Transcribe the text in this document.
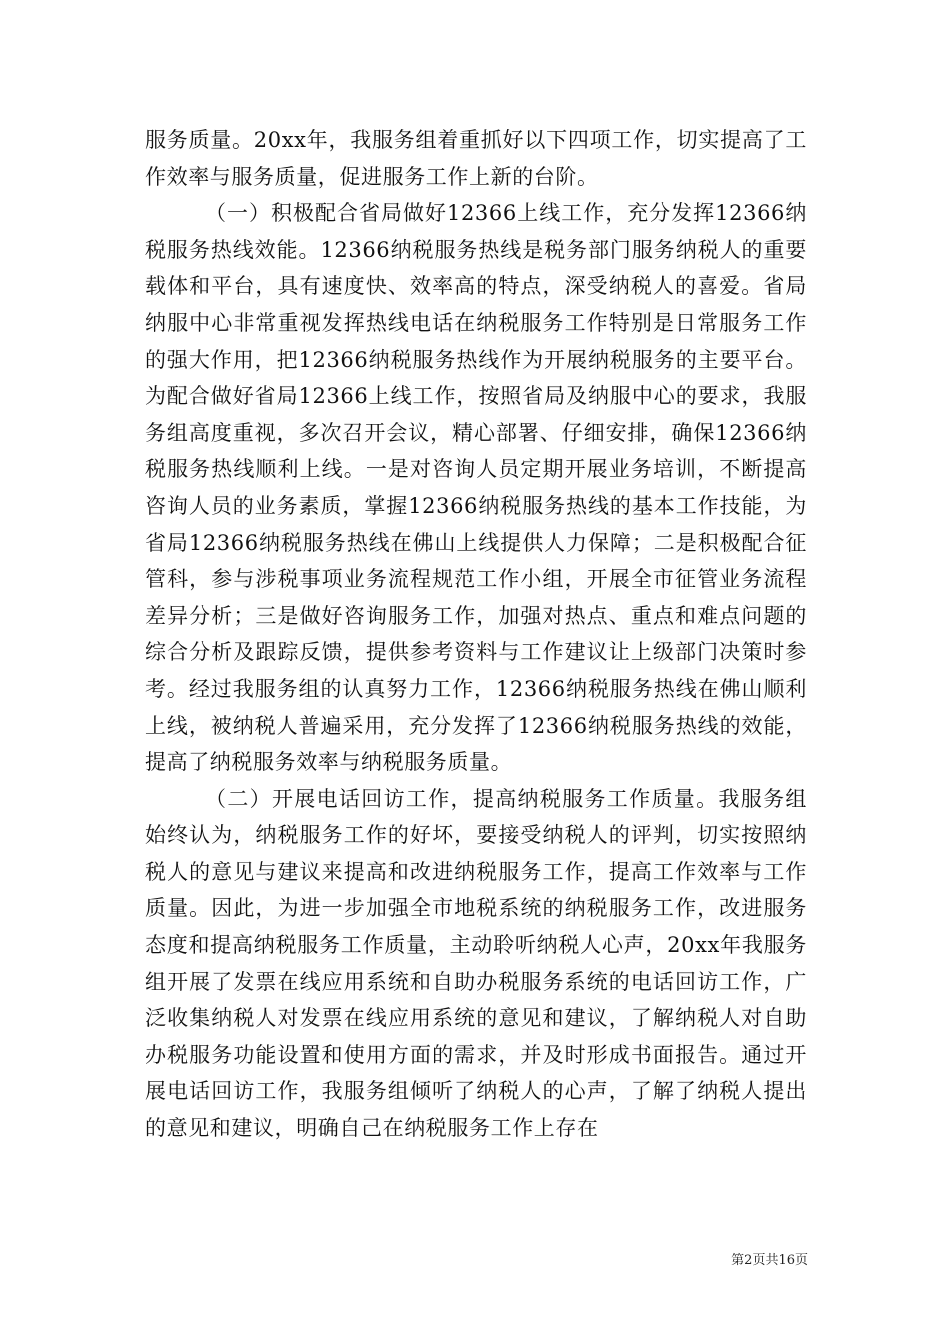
服务质量。20xx年，我服务组着重抓好以下四项工作，切实提高了工作效率与服务质量，促进服务工作上新的台阶。

（一）积极配合省局做好12366上线工作，充分发挥12366纳税服务热线效能。12366纳税服务热线是税务部门服务纳税人的重要载体和平台，具有速度快、效率高的特点，深受纳税人的喜爱。省局纳服中心非常重视发挥热线电话在纳税服务工作特别是日常服务工作的强大作用，把12366纳税服务热线作为开展纳税服务的主要平台。为配合做好省局12366上线工作，按照省局及纳服中心的要求，我服务组高度重视，多次召开会议，精心部署、仔细安排，确保12366纳税服务热线顺利上线。一是对咨询人员定期开展业务培训，不断提高咨询人员的业务素质，掌握12366纳税服务热线的基本工作技能，为省局12366纳税服务热线在佛山上线提供人力保障；二是积极配合征管科，参与涉税事项业务流程规范工作小组，开展全市征管业务流程差异分析；三是做好咨询服务工作，加强对热点、重点和难点问题的综合分析及跟踪反馈，提供参考资料与工作建议让上级部门决策时参考。经过我服务组的认真努力工作，12366纳税服务热线在佛山顺利上线，被纳税人普遍采用，充分发挥了12366纳税服务热线的效能，提高了纳税服务效率与纳税服务质量。

（二）开展电话回访工作，提高纳税服务工作质量。我服务组始终认为，纳税服务工作的好坏，要接受纳税人的评判，切实按照纳税人的意见与建议来提高和改进纳税服务工作，提高工作效率与工作质量。因此，为进一步加强全市地税系统的纳税服务工作，改进服务态度和提高纳税服务工作质量，主动聆听纳税人心声，20xx年我服务组开展了发票在线应用系统和自助办税服务系统的电话回访工作，广泛收集纳税人对发票在线应用系统的意见和建议，了解纳税人对自助办税服务功能设置和使用方面的需求，并及时形成书面报告。通过开展电话回访工作，我服务组倾听了纳税人的心声，了解了纳税人提出的意见和建议，明确自己在纳税服务工作上存在

第2页共16页
